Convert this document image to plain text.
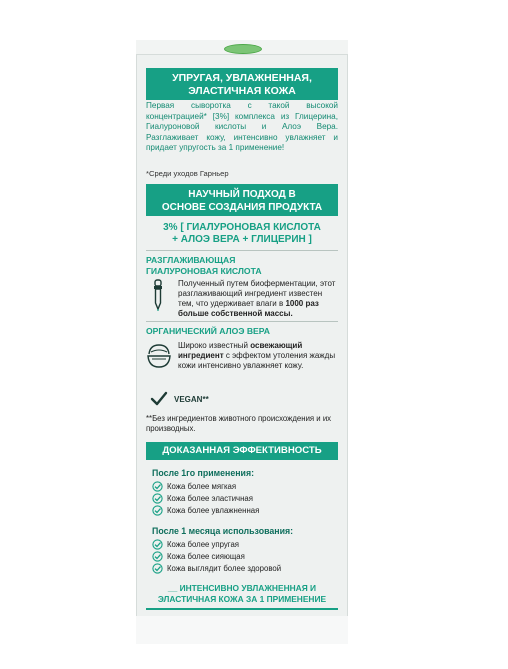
УПРУГАЯ, УВЛАЖНЕННАЯ,
ЭЛАСТИЧНАЯ КОЖА
Первая сыворотка с такой высокой концентрацией* [3%] комплекса из Глицерина, Гиалуроновой кислоты и Алоэ Вера. Разглаживает кожу, интенсивно увлажняет и придает упругость за 1 применение!
*Среди уходов Гарньер
НАУЧНЫЙ ПОДХОД В
ОСНОВЕ СОЗДАНИЯ ПРОДУКТА
3% [ ГИАЛУРОНОВАЯ КИСЛОТА
+ АЛОЭ ВЕРА + ГЛИЦЕРИН ]
РАЗГЛАЖИВАЮЩАЯ
ГИАЛУРОНОВАЯ КИСЛОТА
Полученный путем биоферментации, этот разглаживающий ингредиент известен тем, что удерживает влаги в 1000 раз больше собственной массы.
ОРГАНИЧЕСКИЙ АЛОЭ ВЕРА
Широко известный освежающий ингредиент с эффектом утоления жажды кожи интенсивно увлажняет кожу.
VEGAN**
**Без ингредиентов животного происхождения и их производных.
ДОКАЗАННАЯ ЭФФЕКТИВНОСТЬ
После 1го применения:
Кожа более мягкая
Кожа более эластичная
Кожа более увлажненная
После 1 месяца использования:
Кожа более упругая
Кожа более сияющая
Кожа выглядит более здоровой
__ ИНТЕНСИВНО УВЛАЖНЕННАЯ И
ЭЛАСТИЧНАЯ КОЖА ЗА 1 ПРИМЕНЕНИЕ
